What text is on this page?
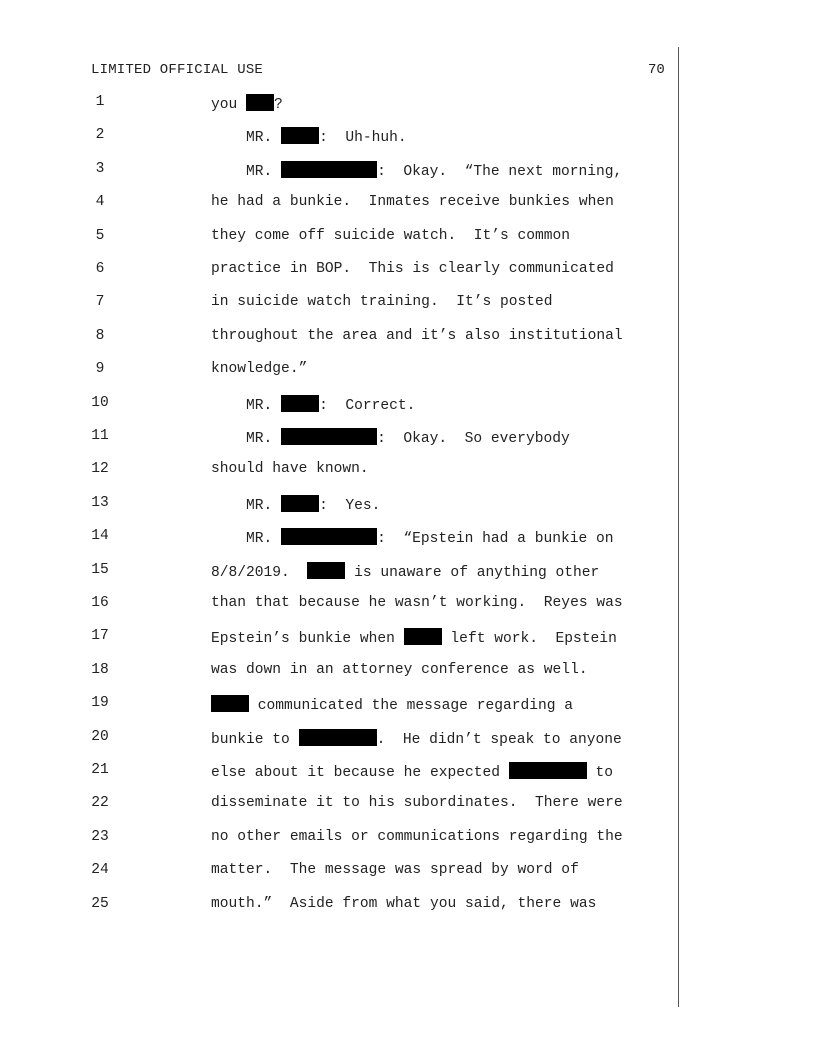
LIMITED OFFICIAL USE	70
1	you ?
2	MR.	:  Uh-huh.
3	MR.	:  Okay.  “The next morning,
4	he had a bunkie.  Inmates receive bunkies when
5	they come off suicide watch.  It’s common
6	practice in BOP.  This is clearly communicated
7	in suicide watch training.  It’s posted
8	throughout the area and it’s also institutional
9	knowledge.”
10	MR.	:  Correct.
11	MR.	:  Okay.  So everybody
12	should have known.
13	MR.	:  Yes.
14	MR.	:  “Epstein had a bunkie on
15	8/8/2019.	is unaware of anything other
16	than that because he wasn’t working.  Reyes was
17	Epstein’s bunkie when	left work.  Epstein
18	was down in an attorney conference as well.
19	communicated the message regarding a
20	bunkie to	.  He didn’t speak to anyone
21	else about it because he expected	to
22	disseminate it to his subordinates.  There were
23	no other emails or communications regarding the
24	matter.  The message was spread by word of
25	mouth.”  Aside from what you said, there was
